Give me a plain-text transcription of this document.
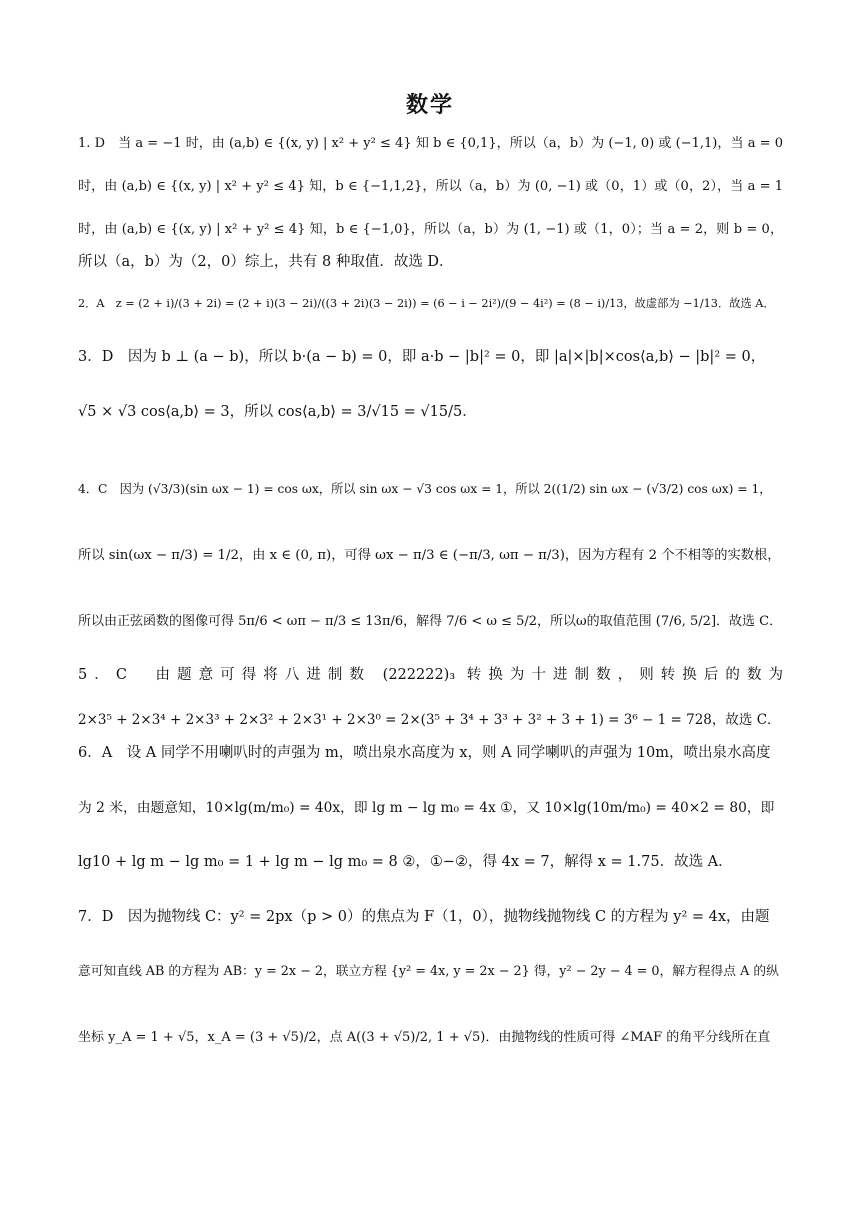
数学
1. D　当 a = −1 时，由 (a,b) ∈ {(x, y) | x² + y² ≤ 4} 知 b ∈ {0,1}，所以（a，b）为 (−1, 0) 或 (−1,1)，当 a = 0
时，由 (a,b) ∈ {(x, y) | x² + y² ≤ 4} 知，b ∈ {−1,1,2}，所以（a，b）为 (0, −1) 或（0，1）或（0，2），当 a = 1
时，由 (a,b) ∈ {(x, y) | x² + y² ≤ 4} 知，b ∈ {−1,0}，所以（a，b）为 (1, −1) 或（1，0）；当 a = 2，则 b = 0，
所以（a，b）为（2，0）综上，共有 8 种取值．故选 D．
2．A　z = (2 + i)/(3 + 2i) = (2 + i)(3 − 2i)/((3 + 2i)(3 − 2i)) = (6 − i − 2i²)/(9 − 4i²) = (8 − i)/13，故虚部为 −1/13．故选 A．
3．D　因为 b ⊥ (a − b)，所以 b·(a − b) = 0，即 a·b − |b|² = 0，即 |a|×|b|×cos⟨a,b⟩ − |b|² = 0，
√5 × √3 cos⟨a,b⟩ = 3，所以 cos⟨a,b⟩ = 3/√15 = √15/5．
4．C　因为 (√3/3)(sin ωx − 1) = cos ωx，所以 sin ωx − √3 cos ωx = 1，所以 2((1/2) sin ωx − (√3/2) cos ωx) = 1，
所以 sin(ωx − π/3) = 1/2，由 x ∈ (0, π)，可得 ωx − π/3 ∈ (−π/3, ωπ − π/3)，因为方程有 2 个不相等的实数根，
所以由正弦函数的图像可得 5π/6 < ωπ − π/3 ≤ 13π/6，解得 7/6 < ω ≤ 5/2，所以ω的取值范围 (7/6, 5/2]．故选 C．
5．C　由题意可得将八进制数 (222222)₃ 转换为十进制数，则转换后的数为
2×3⁵ + 2×3⁴ + 2×3³ + 2×3² + 2×3¹ + 2×3⁰ = 2×(3⁵ + 3⁴ + 3³ + 3² + 3 + 1) = 3⁶ − 1 = 728，故选 C．
6．A　设 A 同学不用喇叭时的声强为 m，喷出泉水高度为 x，则 A 同学喇叭的声强为 10m，喷出泉水高度
为 2 米，由题意知，10×lg(m/m₀) = 40x，即 lg m − lg m₀ = 4x ①，又 10×lg(10m/m₀) = 40×2 = 80，即
lg10 + lg m − lg m₀ = 1 + lg m − lg m₀ = 8 ②，①−②，得 4x = 7，解得 x = 1.75．故选 A．
7．D　因为抛物线 C：y² = 2px（p > 0）的焦点为 F（1，0），抛物线抛物线 C 的方程为 y² = 4x，由题
意可知直线 AB 的方程为 AB：y = 2x − 2，联立方程 {y² = 4x, y = 2x − 2} 得，y² − 2y − 4 = 0，解方程得点 A 的纵
坐标 y_A = 1 + √5，x_A = (3 + √5)/2，点 A((3 + √5)/2, 1 + √5)．由抛物线的性质可得 ∠MAF 的角平分线所在直
